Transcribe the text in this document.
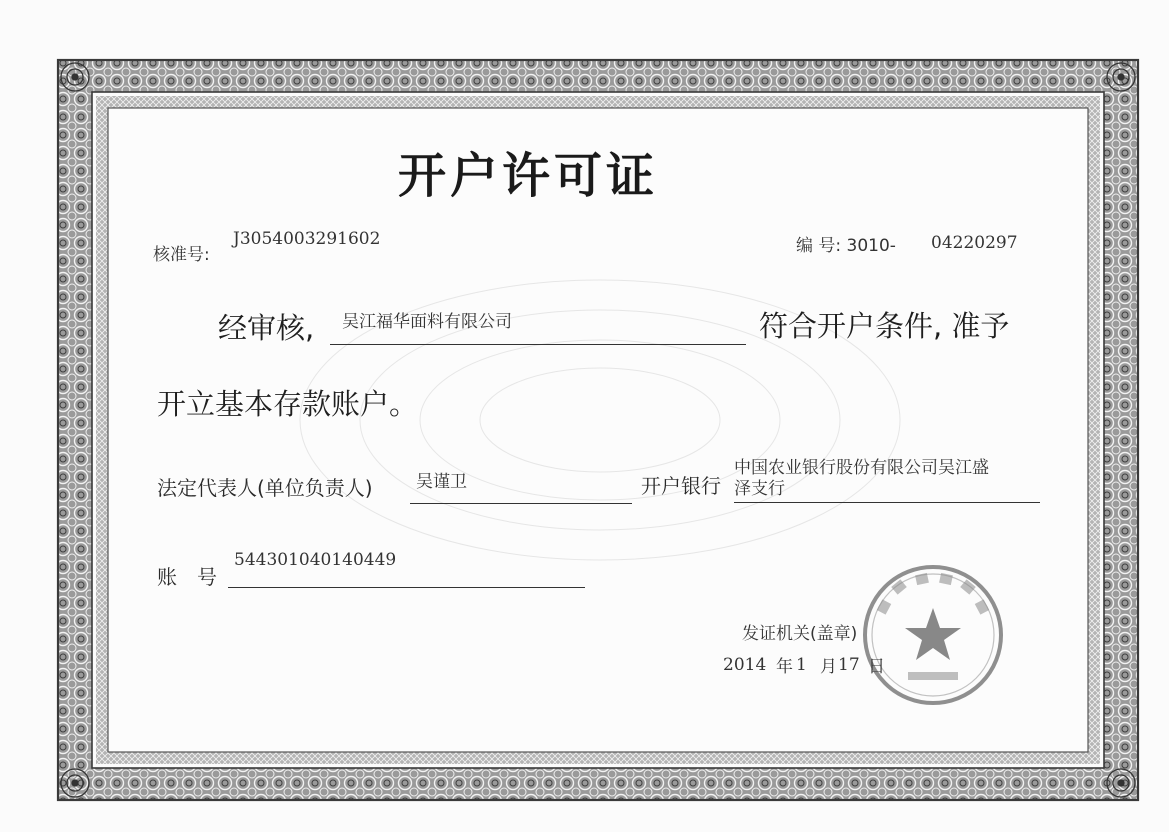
开户许可证
核准号:
J3054003291602	编 号: 3010- 04220297
经审核, 吴江福华面料有限公司	符合开户条件, 准予
开立基本存款账户。
法定代表人(单位负责人)	吴谨卫	开户银行
中国农业银行股份有限公司吴江盛
泽支行
账　号
544301040140449
发证机关(盖章)
2014 年 1 月 17 日
